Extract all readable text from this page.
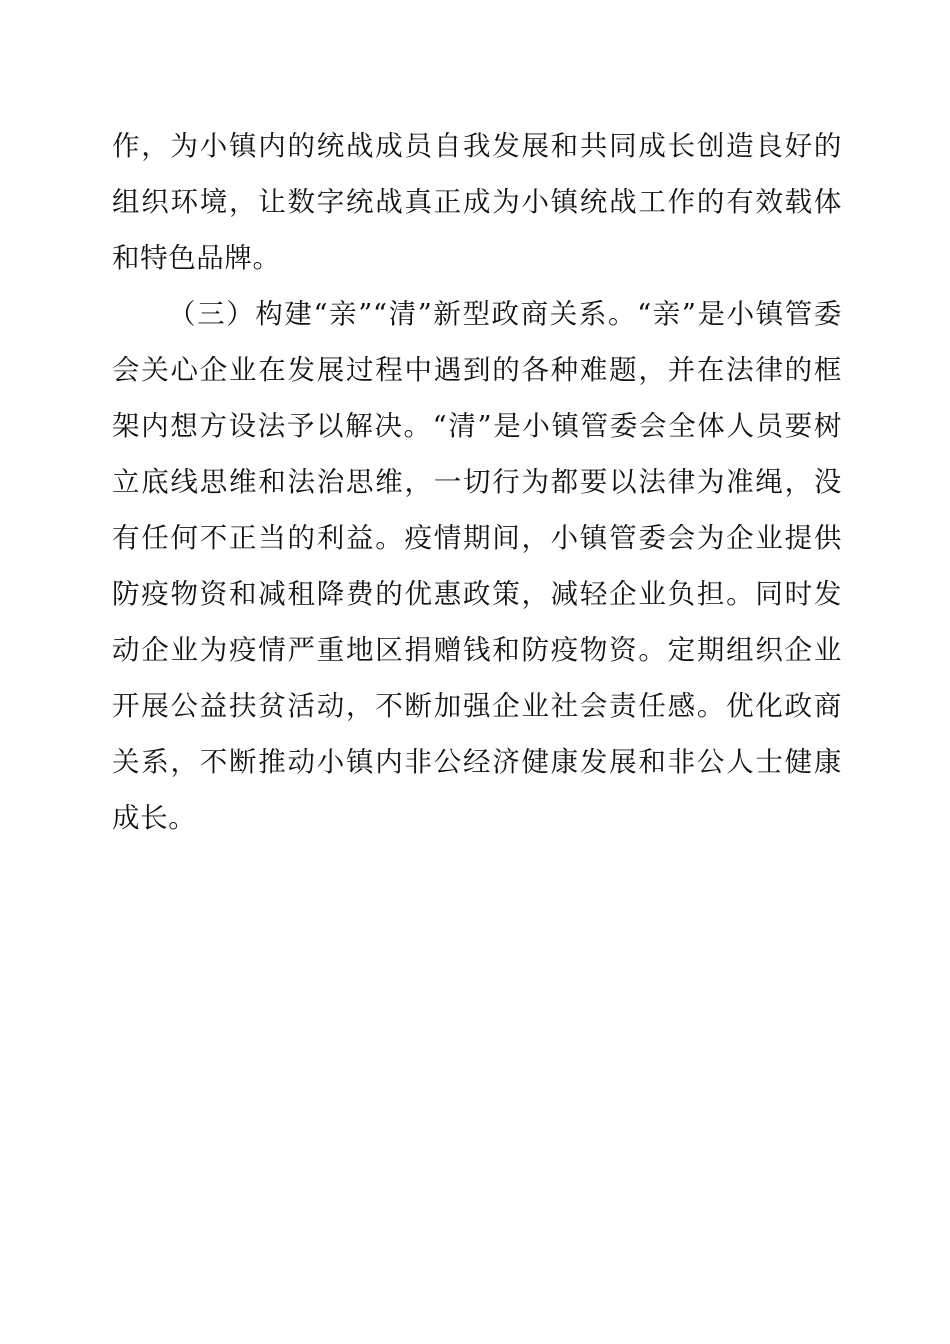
作，为小镇内的统战成员自我发展和共同成长创造良好的组织环境，让数字统战真正成为小镇统战工作的有效载体和特色品牌。

（三）构建“亲”“清”新型政商关系。“亲”是小镇管委会关心企业在发展过程中遇到的各种难题，并在法律的框架内想方设法予以解决。“清”是小镇管委会全体人员要树立底线思维和法治思维，一切行为都要以法律为准绳，没有任何不正当的利益。疫情期间，小镇管委会为企业提供防疫物资和减租降费的优惠政策，减轻企业负担。同时发动企业为疫情严重地区捐赠钱和防疫物资。定期组织企业开展公益扶贫活动，不断加强企业社会责任感。优化政商关系，不断推动小镇内非公经济健康发展和非公人士健康成长。
